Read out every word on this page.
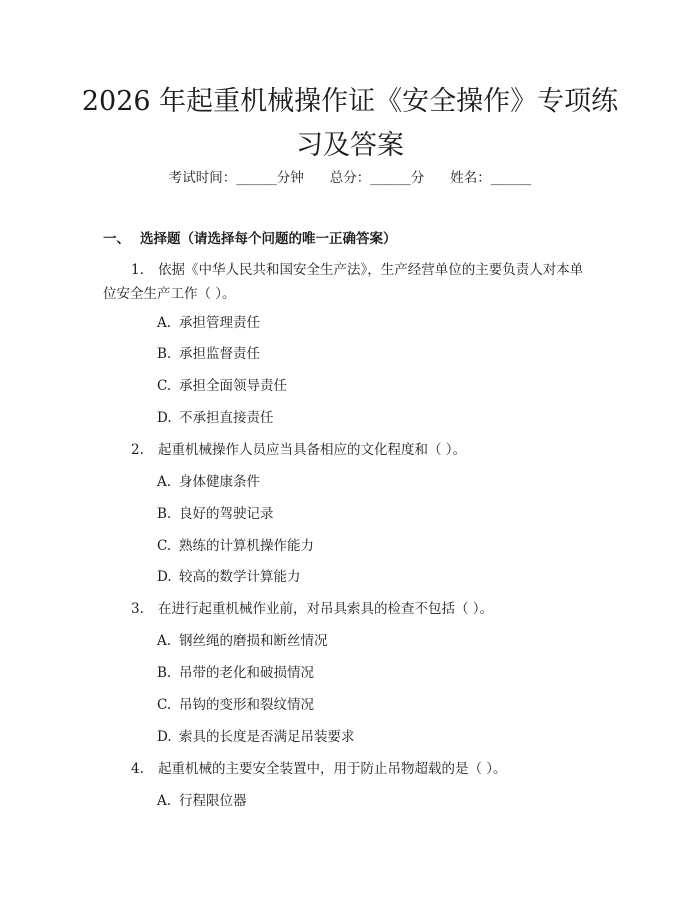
2026 年起重机械操作证《安全操作》专项练
习及答案
考试时间：______分钟 总分：______分 姓名：______
一、 选择题（请选择每个问题的唯一正确答案）
1. 依据《中华人民共和国安全生产法》，生产经营单位的主要负责人对本单
位安全生产工作（ ）。
A. 承担管理责任
B. 承担监督责任
C. 承担全面领导责任
D. 不承担直接责任
2. 起重机械操作人员应当具备相应的文化程度和（ ）。
A. 身体健康条件
B. 良好的驾驶记录
C. 熟练的计算机操作能力
D. 较高的数学计算能力
3. 在进行起重机械作业前，对吊具索具的检查不包括（ ）。
A. 钢丝绳的磨损和断丝情况
B. 吊带的老化和破损情况
C. 吊钩的变形和裂纹情况
D. 索具的长度是否满足吊装要求
4. 起重机械的主要安全装置中，用于防止吊物超载的是（ ）。
A. 行程限位器
